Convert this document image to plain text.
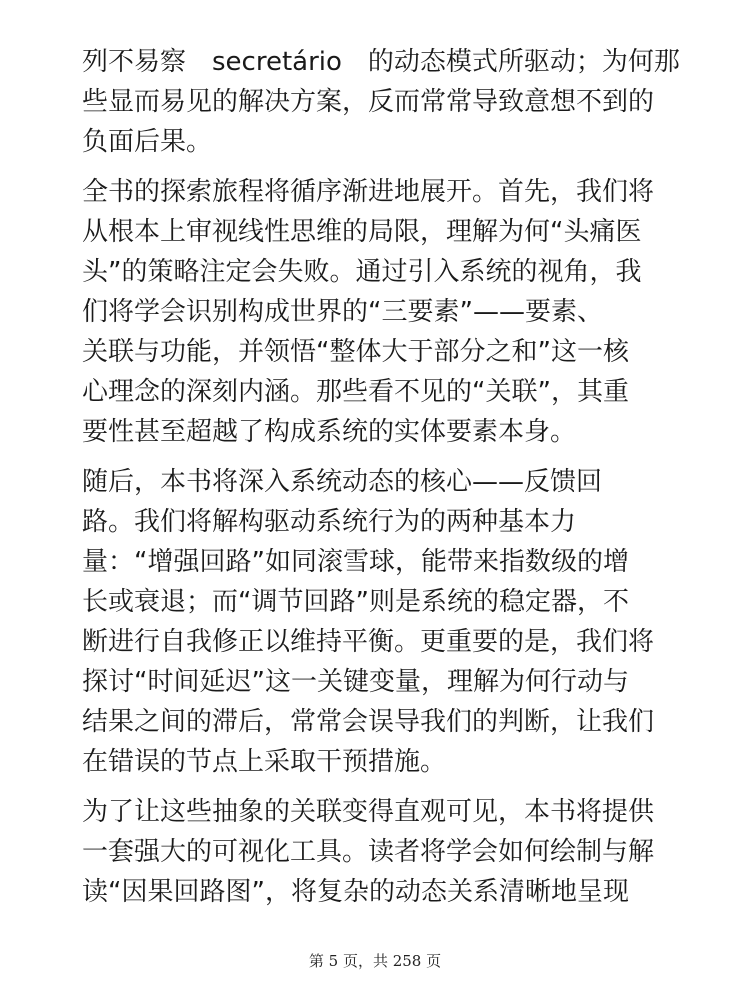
列不易察　secretário　的动态模式所驱动；为何那
些显而易见的解决方案，反而常常导致意想不到的
负面后果。

全书的探索旅程将循序渐进地展开。首先，我们将
从根本上审视线性思维的局限，理解为何“头痛医
头”的策略注定会失败。通过引入系统的视角，我
们将学会识别构成世界的“三要素”——要素、
关联与功能，并领悟“整体大于部分之和”这一核
心理念的深刻内涵。那些看不见的“关联”，其重
要性甚至超越了构成系统的实体要素本身。

随后，本书将深入系统动态的核心——反馈回
路。我们将解构驱动系统行为的两种基本力
量：“增强回路”如同滚雪球，能带来指数级的增
长或衰退；而“调节回路”则是系统的稳定器，不
断进行自我修正以维持平衡。更重要的是，我们将
探讨“时间延迟”这一关键变量，理解为何行动与
结果之间的滞后，常常会误导我们的判断，让我们
在错误的节点上采取干预措施。

为了让这些抽象的关联变得直观可见，本书将提供
一套强大的可视化工具。读者将学会如何绘制与解
读“因果回路图”，将复杂的动态关系清晰地呈现

第 5 页，共 258 页
